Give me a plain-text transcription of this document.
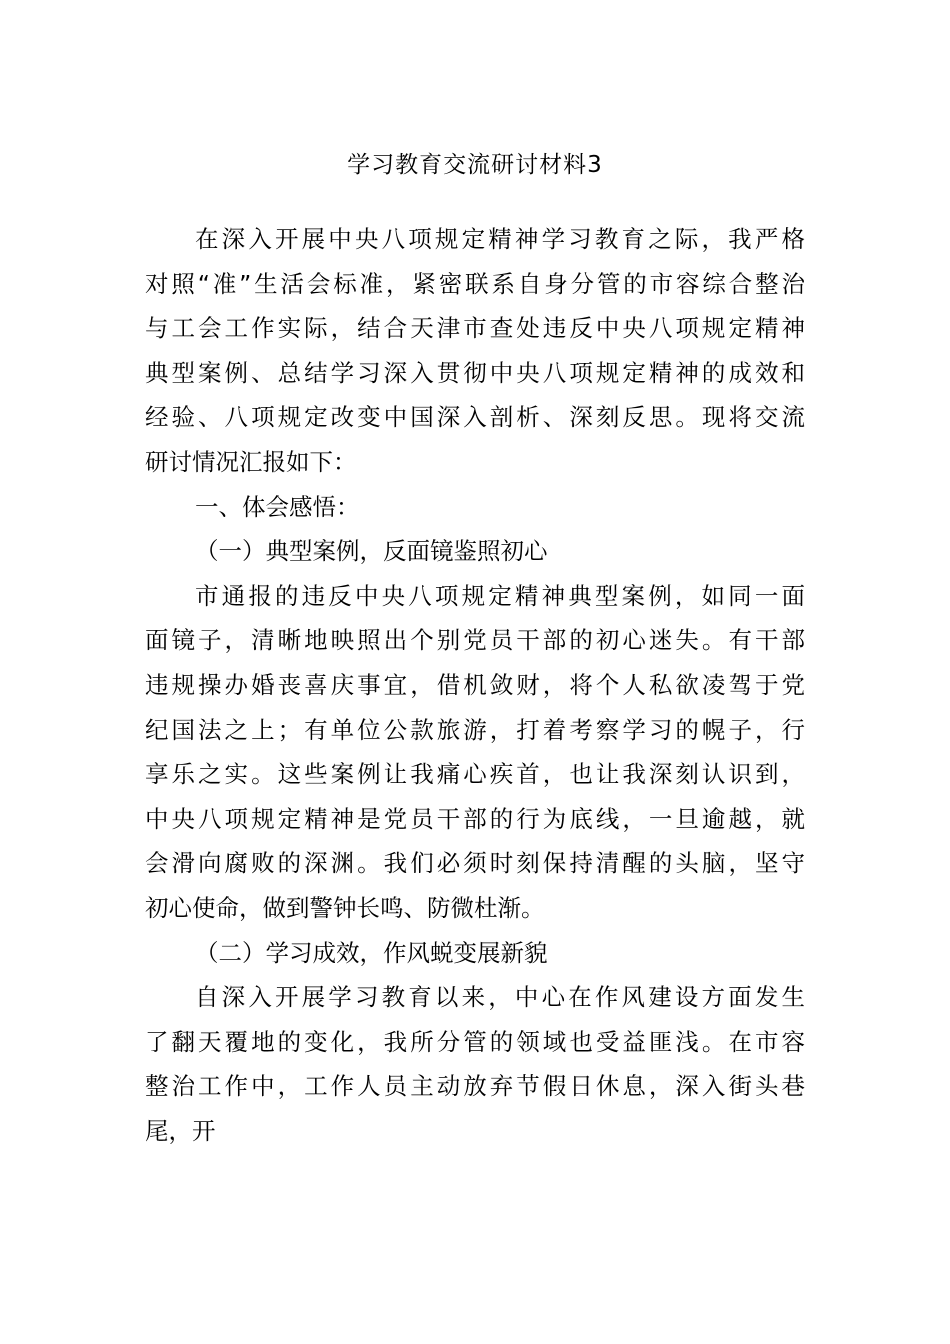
学习教育交流研讨材料3
在深入开展中央八项规定精神学习教育之际，我严格
对照“准”生活会标准，紧密联系自身分管的市容综合整治
与工会工作实际，结合天津市查处违反中央八项规定精神
典型案例、总结学习深入贯彻中央八项规定精神的成效和
经验、八项规定改变中国深入剖析、深刻反思。现将交流
研讨情况汇报如下：
一、体会感悟：
（一）典型案例，反面镜鉴照初心
市通报的违反中央八项规定精神典型案例，如同一面
面镜子，清晰地映照出个别党员干部的初心迷失。有干部
违规操办婚丧喜庆事宜，借机敛财，将个人私欲凌驾于党
纪国法之上；有单位公款旅游，打着考察学习的幌子，行
享乐之实。这些案例让我痛心疾首，也让我深刻认识到，
中央八项规定精神是党员干部的行为底线，一旦逾越，就
会滑向腐败的深渊。我们必须时刻保持清醒的头脑，坚守
初心使命，做到警钟长鸣、防微杜渐。
（二）学习成效，作风蜕变展新貌
自深入开展学习教育以来，中心在作风建设方面发生
了翻天覆地的变化，我所分管的领域也受益匪浅。在市容
整治工作中，工作人员主动放弃节假日休息，深入街头巷
尾，开
